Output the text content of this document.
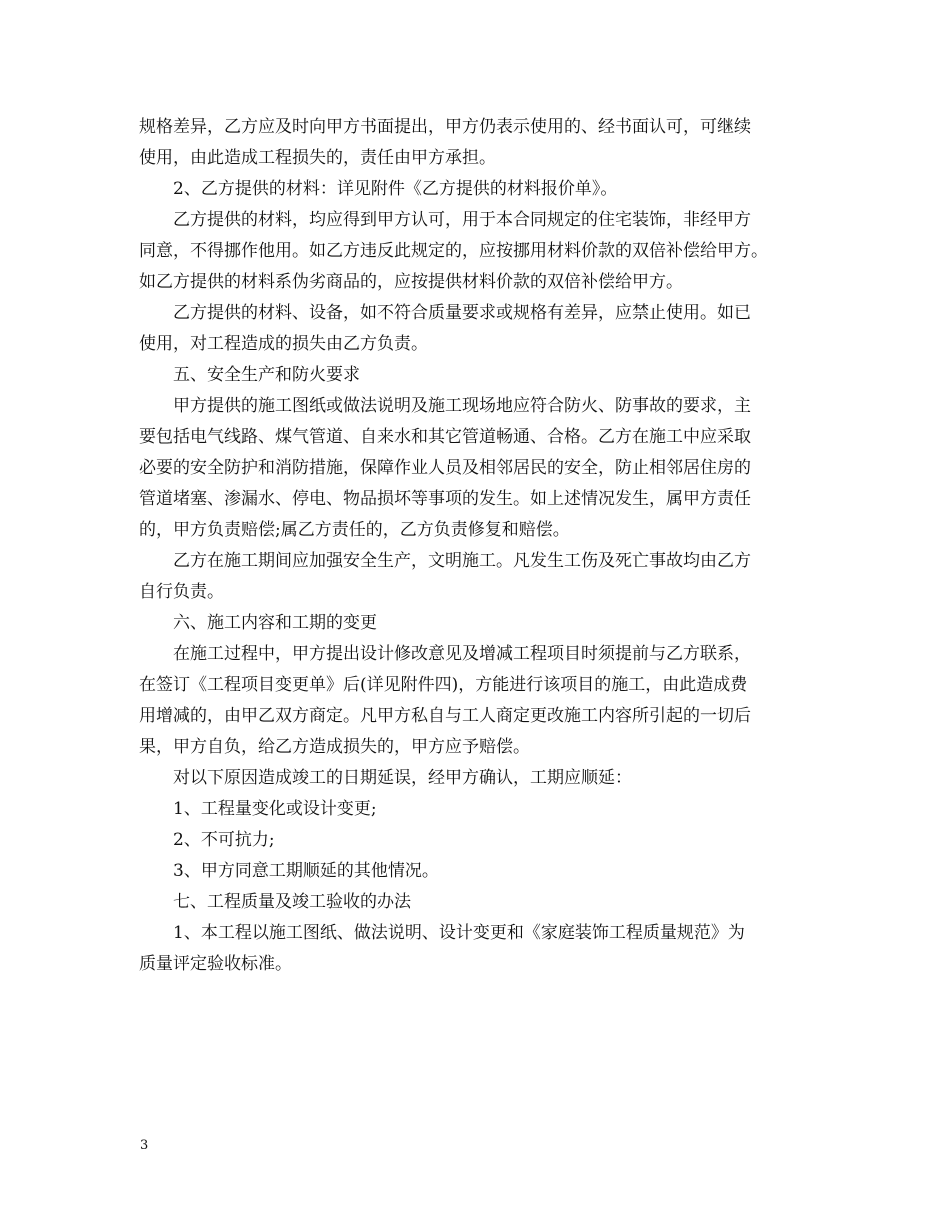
规格差异，乙方应及时向甲方书面提出，甲方仍表示使用的、经书面认可，可继续
使用，由此造成工程损失的，责任由甲方承担。
2、乙方提供的材料：详见附件《乙方提供的材料报价单》。
乙方提供的材料，均应得到甲方认可，用于本合同规定的住宅装饰，非经甲方
同意，不得挪作他用。如乙方违反此规定的，应按挪用材料价款的双倍补偿给甲方。
如乙方提供的材料系伪劣商品的，应按提供材料价款的双倍补偿给甲方。
乙方提供的材料、设备，如不符合质量要求或规格有差异，应禁止使用。如已
使用，对工程造成的损失由乙方负责。
五、安全生产和防火要求
甲方提供的施工图纸或做法说明及施工现场地应符合防火、防事故的要求，主
要包括电气线路、煤气管道、自来水和其它管道畅通、合格。乙方在施工中应采取
必要的安全防护和消防措施，保障作业人员及相邻居民的安全，防止相邻居住房的
管道堵塞、渗漏水、停电、物品损坏等事项的发生。如上述情况发生，属甲方责任
的，甲方负责赔偿;属乙方责任的，乙方负责修复和赔偿。
乙方在施工期间应加强安全生产，文明施工。凡发生工伤及死亡事故均由乙方
自行负责。
六、施工内容和工期的变更
在施工过程中，甲方提出设计修改意见及增减工程项目时须提前与乙方联系，
在签订《工程项目变更单》后(详见附件四)，方能进行该项目的施工，由此造成费
用增减的，由甲乙双方商定。凡甲方私自与工人商定更改施工内容所引起的一切后
果，甲方自负，给乙方造成损失的，甲方应予赔偿。
对以下原因造成竣工的日期延误，经甲方确认，工期应顺延：
1、工程量变化或设计变更;
2、不可抗力;
3、甲方同意工期顺延的其他情况。
七、工程质量及竣工验收的办法
1、本工程以施工图纸、做法说明、设计变更和《家庭装饰工程质量规范》为
质量评定验收标准。
3
